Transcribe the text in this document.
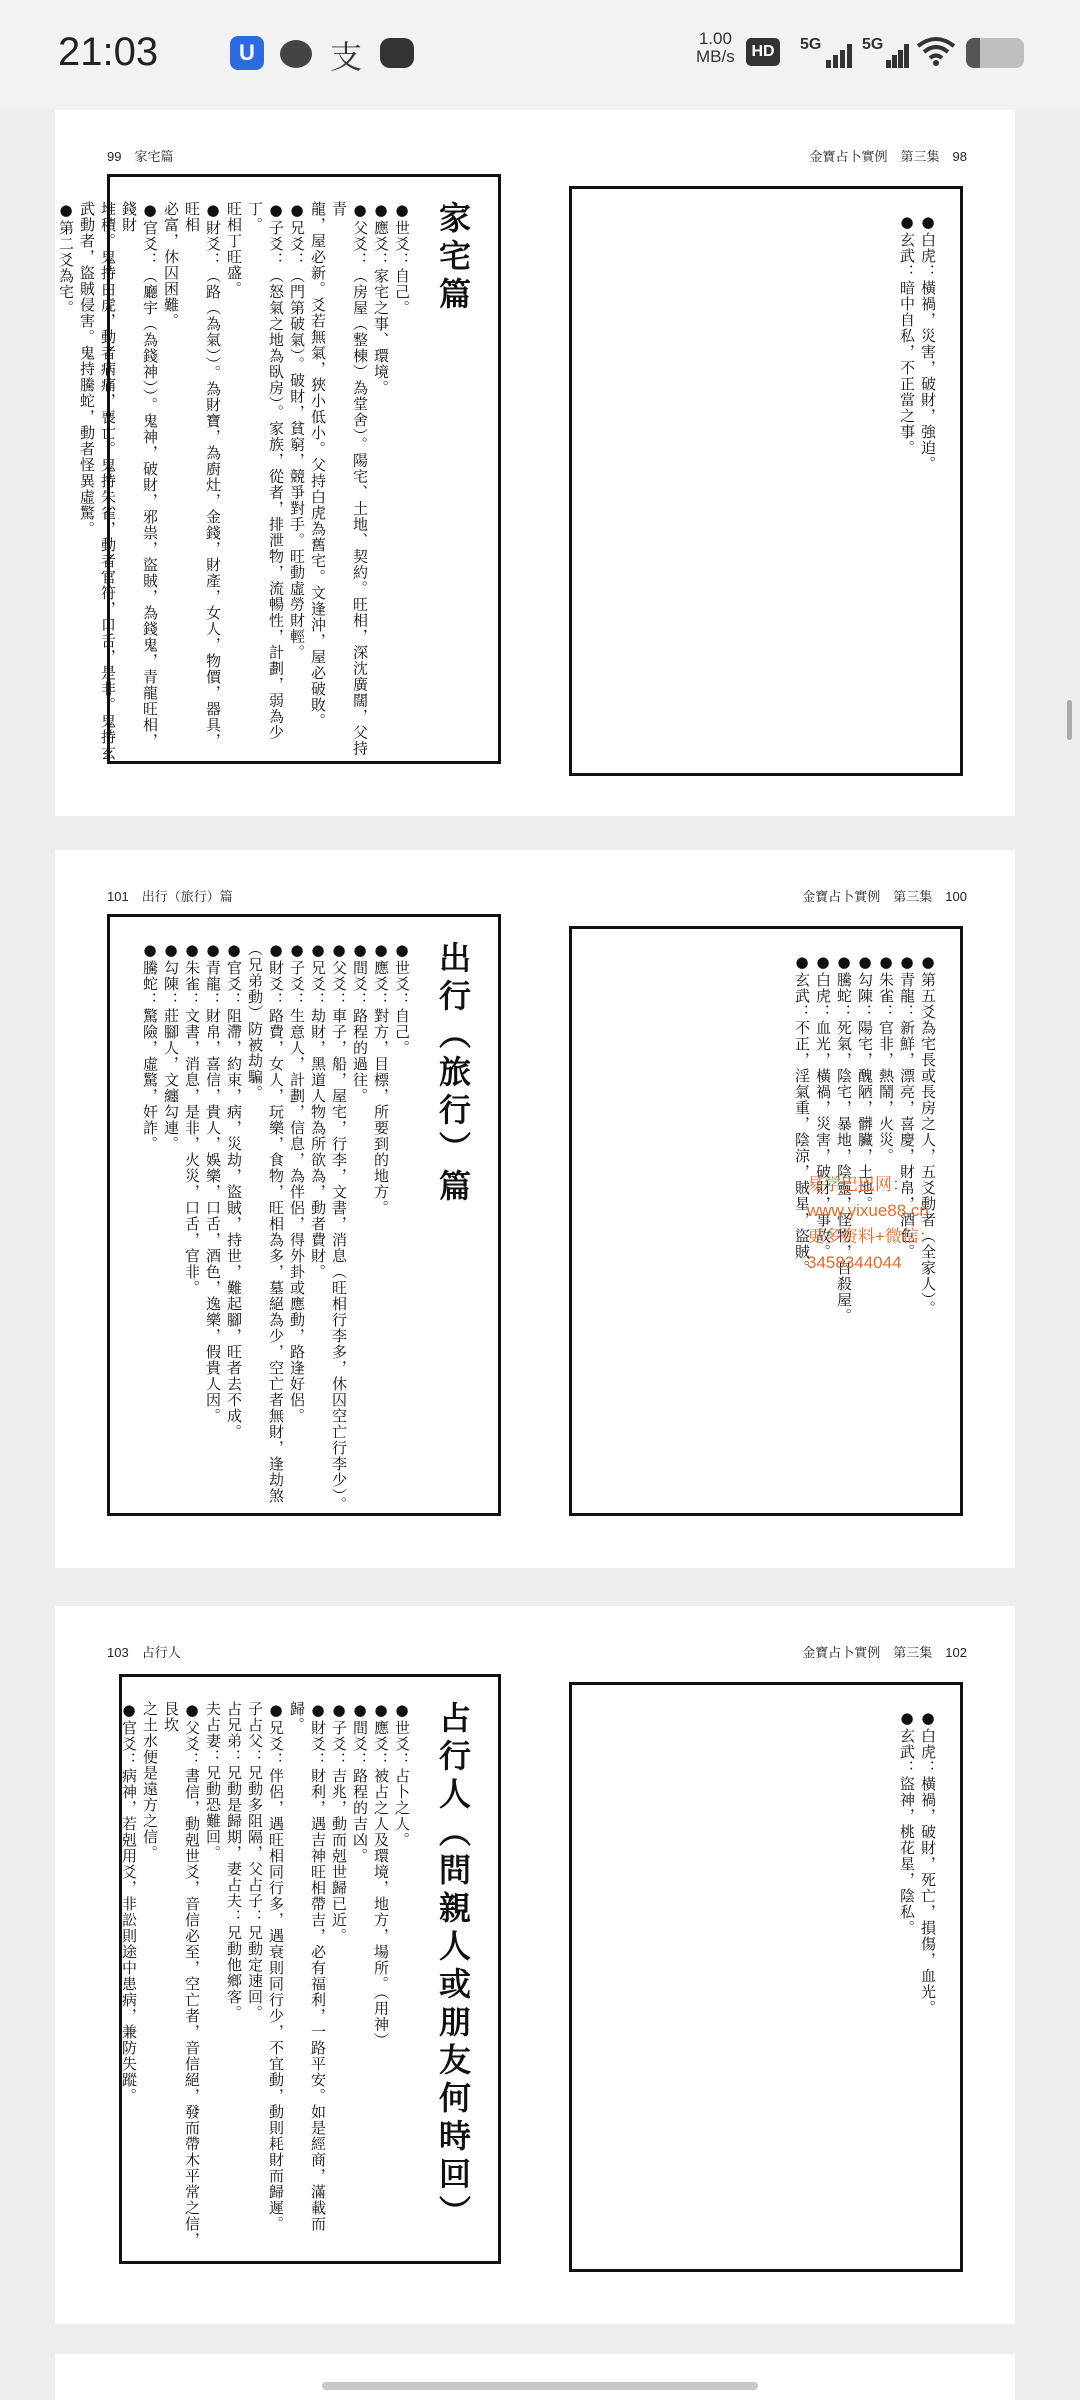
21:03	U 支
1.00
MB/s	HD	5G	5G
99　家宅篇	金寶占卜實例　第三集　98
家宅篇
●世爻：自己。
●應爻：家宅之事、環境。
●父爻：（房屋（整棟）為堂舍）。陽宅、土地、契約。旺相，深沈廣闊，父持青
龍，屋必新。爻若無氣，狹小低小。父持白虎為舊宅。文逢沖，屋必破敗。
●兄爻：（門第破氣）。破財，貧窮，競爭對手。旺動虛勞財輕。
●子爻：（怒氣之地為臥房）。家族，從者，排泄物，流暢性，計劃，弱為少丁。
旺相丁旺盛。
●財爻：（路（為氣））。為財寶，為廚灶，金錢，財產，女人，物價，器具，旺相
必富，休囚困難。
●官爻：（廳宇（為錢神））。鬼神，破財，邪祟，盜賊，為錢鬼，青龍旺相，錢財
堆積。鬼持白虎，動者病痛，喪亡。鬼持朱雀，動者官符，口舌，是非。鬼持玄
武動者，盜賊侵害。鬼持騰蛇，動者怪異虛驚。
●第二爻為宅。	●白虎：橫禍，災害，破財，強迫。
●玄武：暗中自私，不正當之事。
101　出行（旅行）篇	金寶占卜實例　第三集　100
出行（旅行）篇
●世爻：自己。
●應爻：對方，目標，所要到的地方。
●間爻：路程的過往。
●父爻：車子，船，屋宅，行李，文書，消息（旺相行李多，休囚空亡行李少）。
●兄爻：劫財，黑道人物為所欲為，動者費財。
●子爻：生意人，計劃，信息，為伴侶，得外卦或應動，路逢好侶。
●財爻：路費，女人，玩樂，食物，旺相為多，墓絕為少，空亡者無財，逢劫煞
（兄弟動）防被劫騙。
●官爻：阻滯，約束，病，災劫，盜賊，持世，難起腳，旺者去不成。
●青龍：財帛，喜信，貴人，娛樂，口舌，酒色，逸樂，假貴人因。
●朱雀：文書，消息，是非，火災，口舌，官非。
●勾陳：莊腳人，文纏勾連。
●騰蛇：驚險，虛驚，奸詐。	●第五爻為宅長或長房之人，五爻動者（全家人）。
●青龍：新鮮，漂亮，喜慶，財帛，酒色。
●朱雀：官非，熱鬧，火災。
●勾陳：陽宅，醜陋，髒臟，土地。
●騰蛇：死氣，陰宅，暴地，陰靈，怪物，自殺屋。
●白虎：血光，橫禍，災害，破財，事故。
●玄武：不正，淫氣重，陰涼，賊星，盜賊。
易学巴巴网：www.yixue88.cn
更多资料+微信：3458344044
103　占行人	金寶占卜實例　第三集　102
占行人（問親人或朋友何時回）
●世爻：占卜之人。
●應爻：被占之人及環境，地方，場所。（用神）
●間爻：路程的吉凶。
●子爻：吉兆，動而剋世歸已近。
●財爻：財利，遇吉神旺相帶吉，必有福利，一路平安。如是經商，滿載而歸。
●兄爻：伴侶，遇旺相同行多，遇衰則同行少，不宜動，動則耗財而歸遲。
子占父：兄動多阻隔，父占子：兄動定速回。
占兄弟：兄動是歸期，妻占夫：兄動他鄉客。
夫占妻：兄動恐難回。
●父爻：書信，動剋世爻，音信必至，空亡者，音信絕，發而帶木平常之信，艮坎
之土水便是遠方之信。
●官爻：病神，若剋用爻，非訟則途中患病，兼防失蹤。	●白虎：橫禍，破財，死亡，損傷，血光。
●玄武：盜神，桃花星，陰私。
